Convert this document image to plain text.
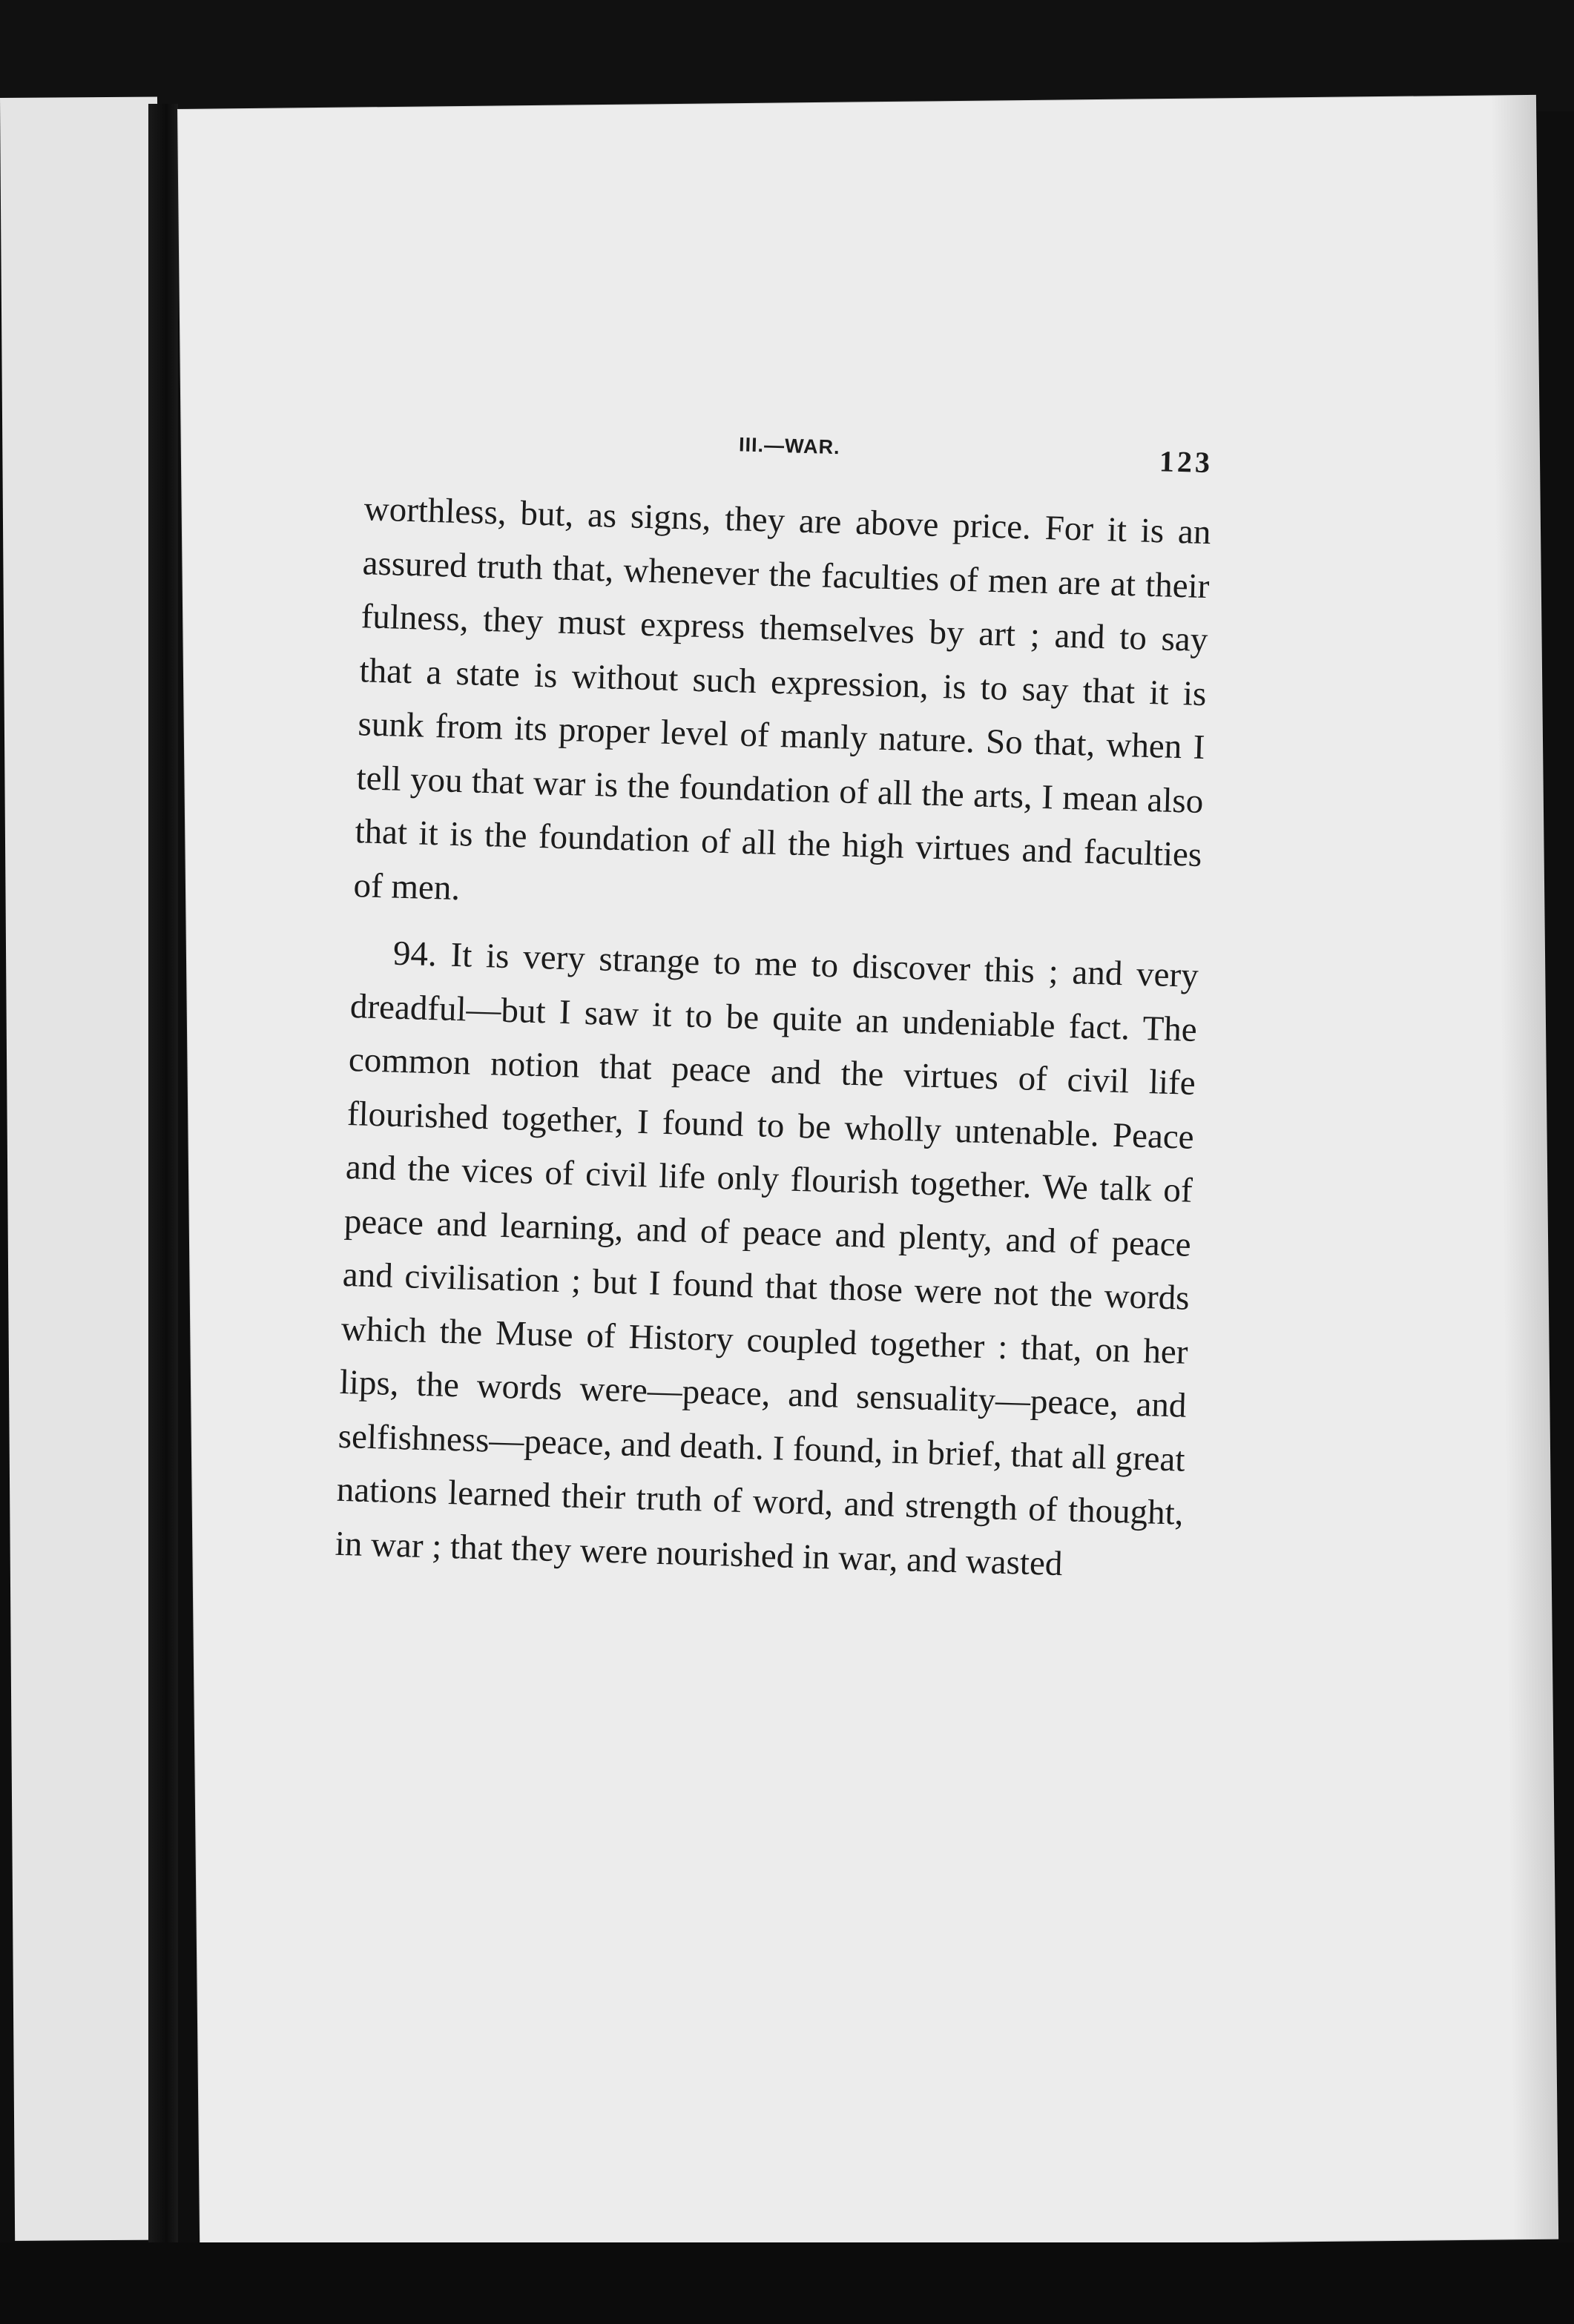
III.—WAR.	123

worthless, but, as signs, they are above price. For it is an assured truth that, whenever the faculties of men are at their fulness, they must express themselves by art ; and to say that a state is without such expression, is to say that it is sunk from its proper level of manly nature. So that, when I tell you that war is the foundation of all the arts, I mean also that it is the foundation of all the high virtues and faculties of men.

94. It is very strange to me to discover this ; and very dreadful—but I saw it to be quite an undeniable fact. The common notion that peace and the virtues of civil life flourished together, I found to be wholly untenable. Peace and the vices of civil life only flourish together. We talk of peace and learning, and of peace and plenty, and of peace and civilisation ; but I found that those were not the words which the Muse of History coupled together : that, on her lips, the words were—peace, and sensuality—peace, and selfishness—peace, and death. I found, in brief, that all great nations learned their truth of word, and strength of thought, in war ; that they were nourished in war, and wasted
